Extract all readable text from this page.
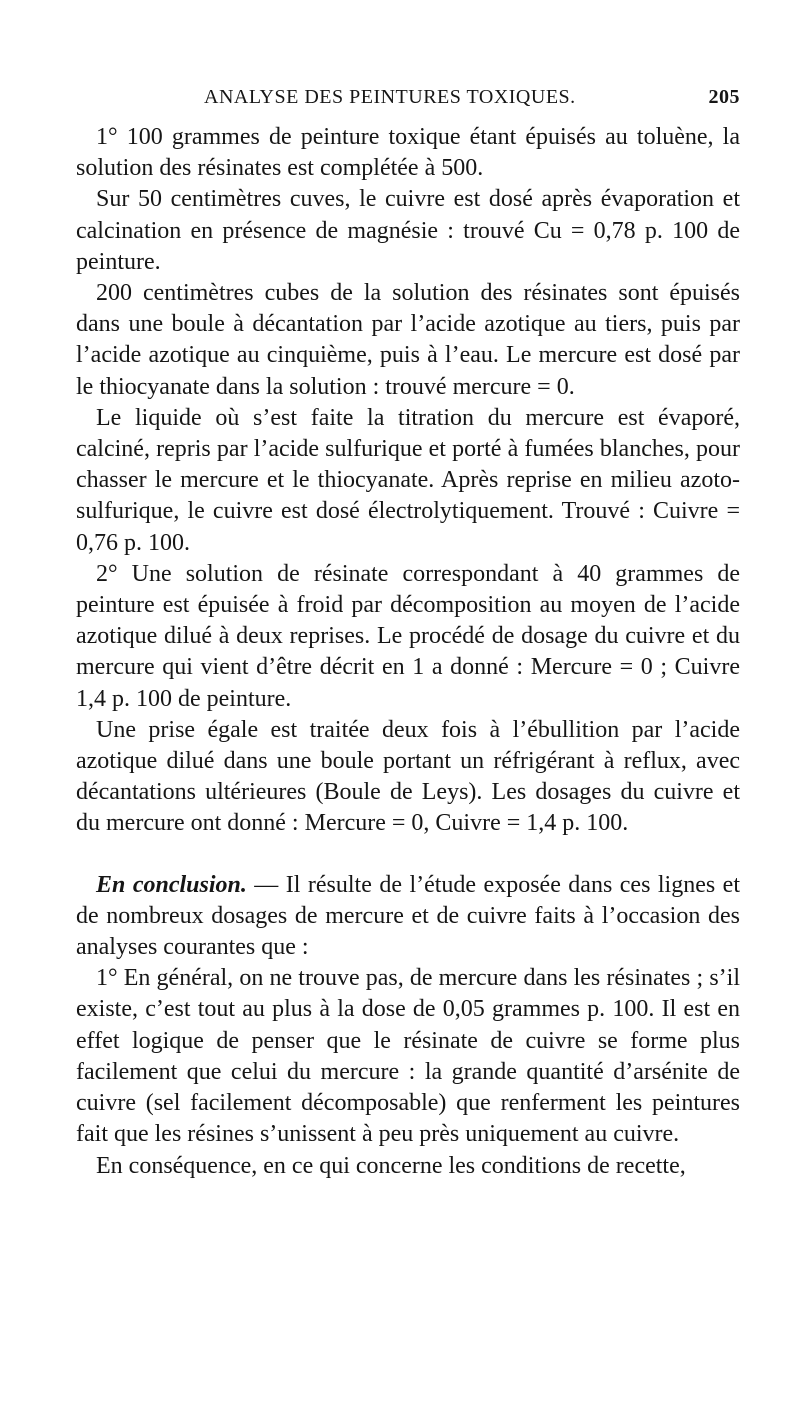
ANALYSE DES PEINTURES TOXIQUES.	205

1° 100 grammes de peinture toxique étant épuisés au toluène, la solution des résinates est complétée à 500.

Sur 50 centimètres cuves, le cuivre est dosé après évaporation et calcination en présence de magnésie : trouvé Cu = 0,78 p. 100 de peinture.

200 centimètres cubes de la solution des résinates sont épuisés dans une boule à décantation par l’acide azotique au tiers, puis par l’acide azotique au cinquième, puis à l’eau. Le mercure est dosé par le thiocyanate dans la solution : trouvé mercure = 0.

Le liquide où s’est faite la titration du mercure est évaporé, calciné, repris par l’acide sulfurique et porté à fumées blanches, pour chasser le mercure et le thiocyanate. Après reprise en milieu azoto-sulfurique, le cuivre est dosé électrolytiquement. Trouvé : Cuivre = 0,76 p. 100.

2° Une solution de résinate correspondant à 40 grammes de peinture est épuisée à froid par décomposition au moyen de l’acide azotique dilué à deux reprises. Le procédé de dosage du cuivre et du mercure qui vient d’être décrit en 1 a donné : Mercure = 0 ; Cuivre 1,4 p. 100 de peinture.

Une prise égale est traitée deux fois à l’ébullition par l’acide azotique dilué dans une boule portant un réfrigérant à reflux, avec décantations ultérieures (Boule de Leys). Les dosages du cuivre et du mercure ont donné : Mercure = 0, Cuivre = 1,4 p. 100.

En conclusion. — Il résulte de l’étude exposée dans ces lignes et de nombreux dosages de mercure et de cuivre faits à l’occasion des analyses courantes que :

1° En général, on ne trouve pas, de mercure dans les résinates ; s’il existe, c’est tout au plus à la dose de 0,05 grammes p. 100. Il est en effet logique de penser que le résinate de cuivre se forme plus facilement que celui du mercure : la grande quantité d’arsénite de cuivre (sel facilement décomposable) que renferment les peintures fait que les résines s’unissent à peu près uniquement au cuivre.

En conséquence, en ce qui concerne les conditions de recette,
